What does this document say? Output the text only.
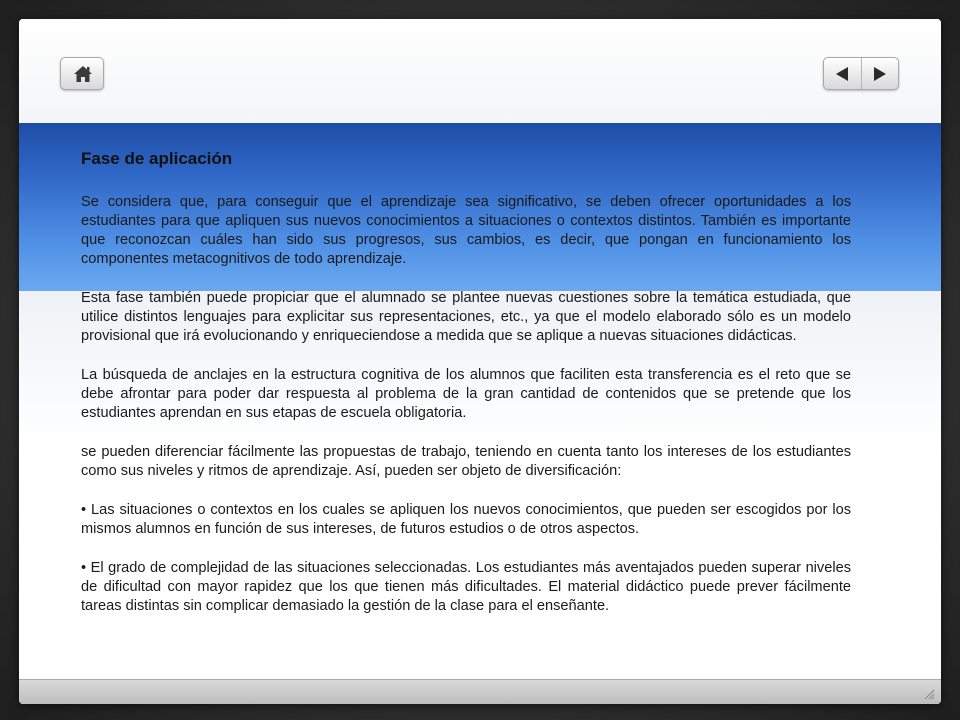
Fase de aplicación

Se considera que, para conseguir que el aprendizaje sea significativo, se deben ofrecer oportunidades a los estudiantes para que apliquen sus nuevos conocimientos a situaciones o contextos distintos. También es importante que reconozcan cuáles han sido sus progresos, sus cambios, es decir, que pongan en funcionamiento los componentes metacognitivos de todo aprendizaje.

Esta fase también puede propiciar que el alumnado se plantee nuevas cuestiones sobre la temática estudiada, que utilice distintos lenguajes para explicitar sus representaciones, etc., ya que el modelo elaborado sólo es un modelo provisional que irá evolucionando y enriqueciendose a medida que se aplique a nuevas situaciones didácticas.

La búsqueda de anclajes en la estructura cognitiva de los alumnos que faciliten esta transferencia es el reto que se debe afrontar para poder dar respuesta al problema de la gran cantidad de contenidos que se pretende que los estudiantes aprendan en sus etapas de escuela obligatoria.

se pueden diferenciar fácilmente las propuestas de trabajo, teniendo en cuenta tanto los intereses de los estudiantes como sus niveles y ritmos de aprendizaje. Así, pueden ser objeto de diversificación:

• Las situaciones o contextos en los cuales se apliquen los nuevos conocimientos, que pueden ser escogidos por los mismos alumnos en función de sus intereses, de futuros estudios o de otros aspectos.

• El grado de complejidad de las situaciones seleccionadas. Los estudiantes más aventajados pueden superar niveles de dificultad con mayor rapidez que los que tienen más dificultades. El material didáctico puede prever fácilmente tareas distintas sin complicar demasiado la gestión de la clase para el enseñante.
